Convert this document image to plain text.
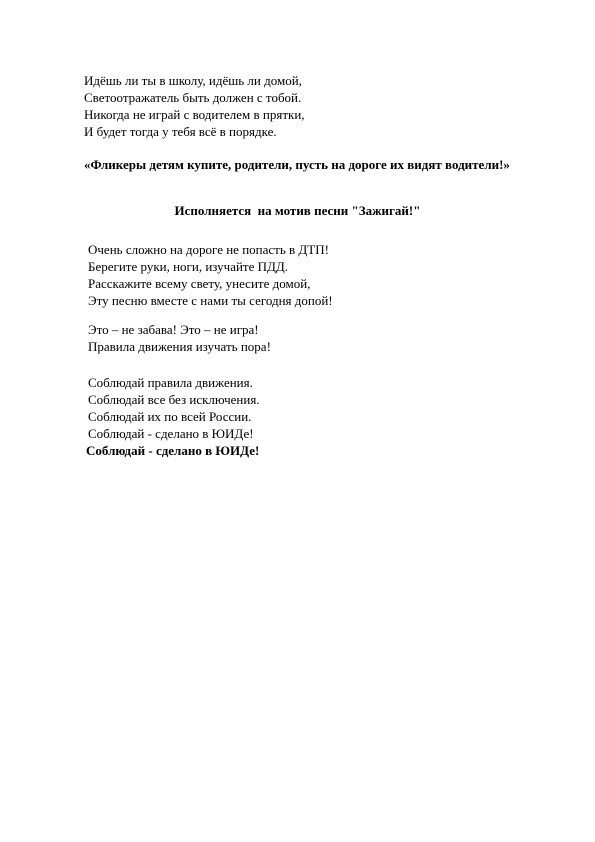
Идёшь ли ты в школу, идёшь ли домой,
Светоотражатель быть должен с тобой.
Никогда не играй с водителем в прятки,
И будет тогда у тебя всё в порядке.
«Фликеры детям купите, родители, пусть на дороге их видят водители!»
Исполняется  на мотив песни "Зажигай!"
Очень сложно на дороге не попасть в ДТП!
Берегите руки, ноги, изучайте ПДД.
Расскажите всему свету, унесите домой,
Эту песню вместе с нами ты сегодня допой!
Это – не забава! Это – не игра!
Правила движения изучать пора!
Соблюдай правила движения.
Соблюдай все без исключения.
Соблюдай их по всей России.
Соблюдай - сделано в ЮИДе!
Соблюдай - сделано в ЮИДе!
